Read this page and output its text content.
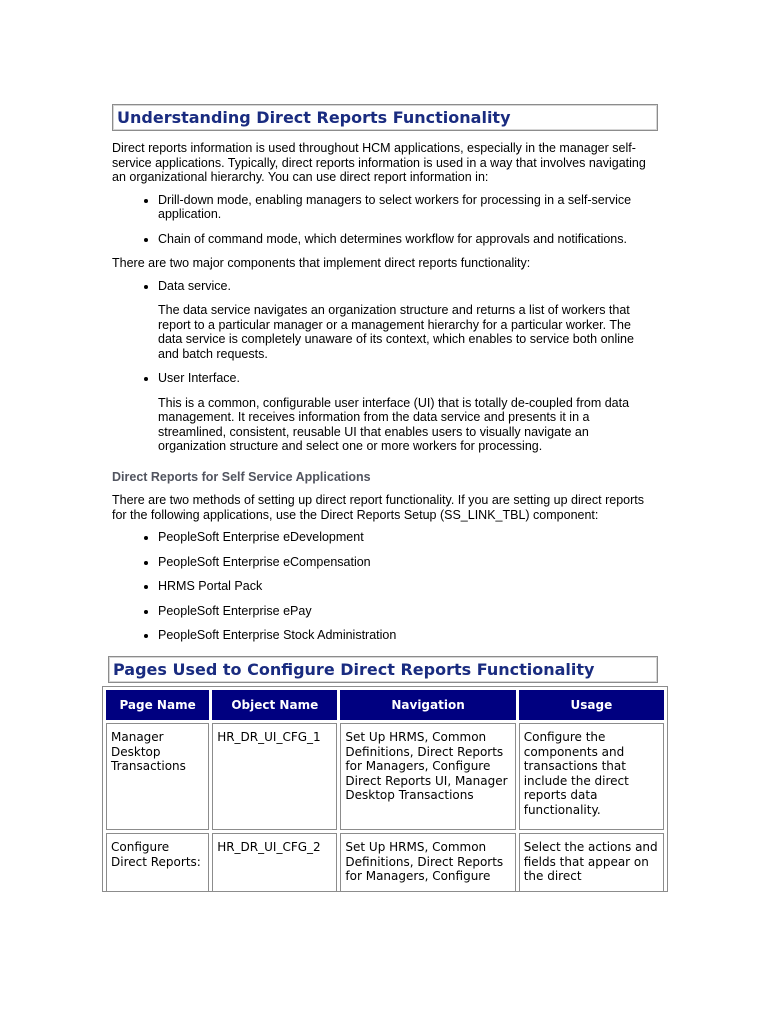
Understanding Direct Reports Functionality

Direct reports information is used throughout HCM applications, especially in the manager self-service applications. Typically, direct reports information is used in a way that involves navigating an organizational hierarchy. You can use direct report information in:

• Drill-down mode, enabling managers to select workers for processing in a self-service application.
• Chain of command mode, which determines workflow for approvals and notifications.

There are two major components that implement direct reports functionality:

• Data service.

The data service navigates an organization structure and returns a list of workers that report to a particular manager or a management hierarchy for a particular worker. The data service is completely unaware of its context, which enables to service both online and batch requests.

• User Interface.

This is a common, configurable user interface (UI) that is totally de-coupled from data management. It receives information from the data service and presents it in a streamlined, consistent, reusable UI that enables users to visually navigate an organization structure and select one or more workers for processing.

Direct Reports for Self Service Applications

There are two methods of setting up direct report functionality. If you are setting up direct reports for the following applications, use the Direct Reports Setup (SS_LINK_TBL) component:

• PeopleSoft Enterprise eDevelopment
• PeopleSoft Enterprise eCompensation
• HRMS Portal Pack
• PeopleSoft Enterprise ePay
• PeopleSoft Enterprise Stock Administration
Pages Used to Configure Direct Reports Functionality
Page Name	Object Name	Navigation	Usage
Manager Desktop Transactions	HR_DR_UI_CFG_1	Set Up HRMS, Common Definitions, Direct Reports for Managers, Configure Direct Reports UI, Manager Desktop Transactions	Configure the components and transactions that include the direct reports data functionality.
Configure Direct Reports:	HR_DR_UI_CFG_2	Set Up HRMS, Common Definitions, Direct Reports for Managers, Configure	Select the actions and fields that appear on the direct
